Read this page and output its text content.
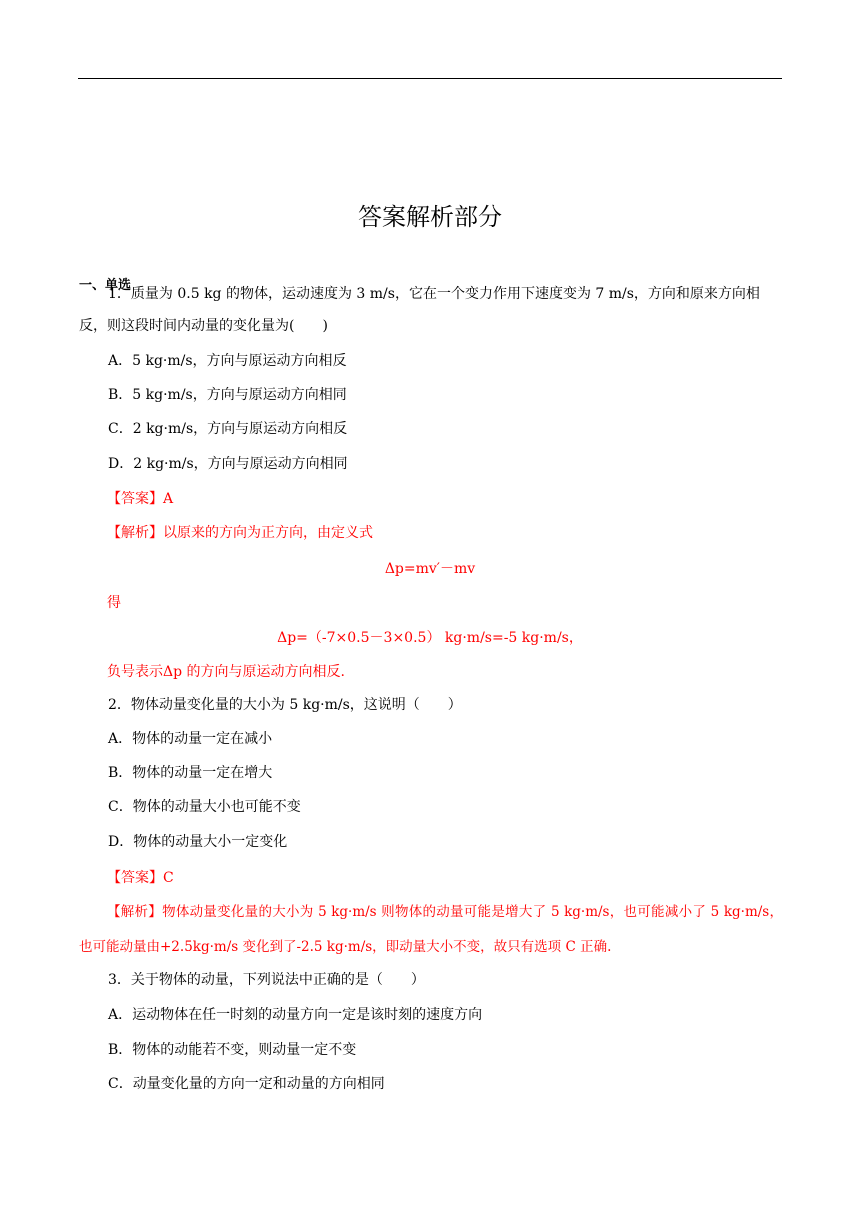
答案解析部分
一、单选
1．质量为 0.5 kg 的物体，运动速度为 3 m/s，它在一个变力作用下速度变为 7 m/s，方向和原来方向相
反，则这段时间内动量的变化量为(　　)
A．5 kg·m/s，方向与原运动方向相反
B．5 kg·m/s，方向与原运动方向相同
C．2 kg·m/s，方向与原运动方向相反
D．2 kg·m/s，方向与原运动方向相同
【答案】A
【解析】以原来的方向为正方向，由定义式
Δp=mv′－mv
得
Δp=（-7×0.5－3×0.5） kg·m/s=-5 kg·m/s，
负号表示Δp 的方向与原运动方向相反.
2．物体动量变化量的大小为 5 kg·m/s，这说明（　　）
A．物体的动量一定在减小
B．物体的动量一定在增大
C．物体的动量大小也可能不变
D．物体的动量大小一定变化
【答案】C
【解析】物体动量变化量的大小为 5 kg·m/s 则物体的动量可能是增大了 5 kg·m/s，也可能减小了 5 kg·m/s，
也可能动量由+2.5kg·m/s 变化到了-2.5 kg·m/s，即动量大小不变，故只有选项 C 正确.
3．关于物体的动量，下列说法中正确的是（　　）
A．运动物体在任一时刻的动量方向一定是该时刻的速度方向
B．物体的动能若不变，则动量一定不变
C．动量变化量的方向一定和动量的方向相同
